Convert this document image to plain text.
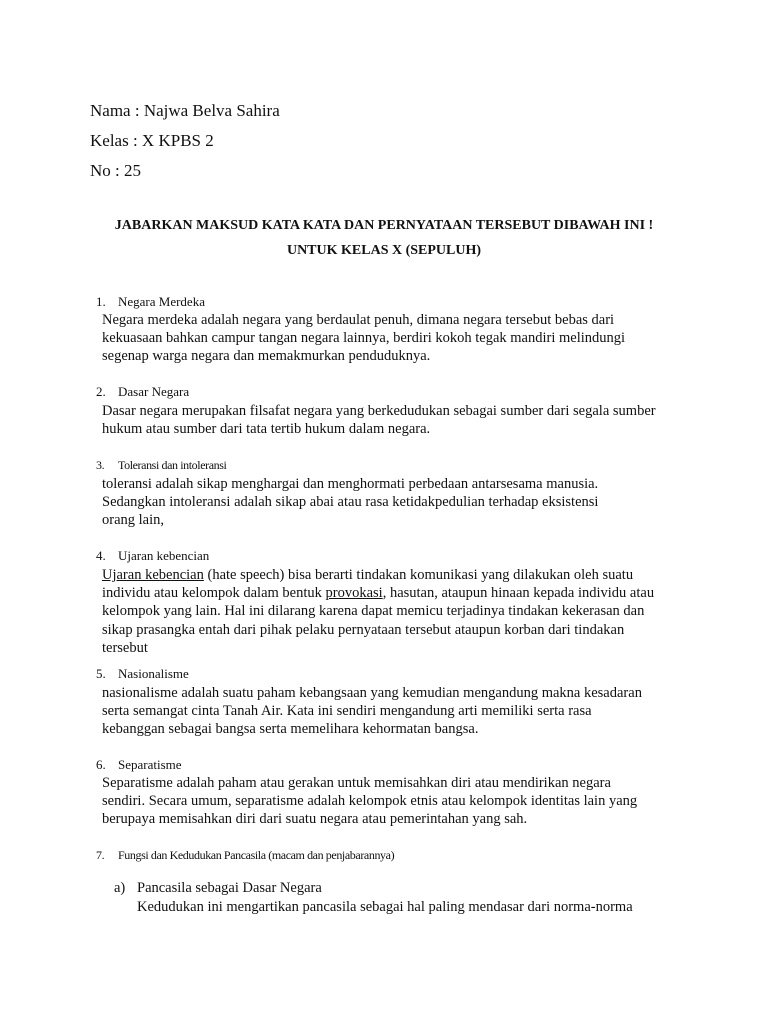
Nama : Najwa Belva Sahira
Kelas : X KPBS 2
No : 25
JABARKAN MAKSUD KATA KATA DAN PERNYATAAN TERSEBUT DIBAWAH INI !
UNTUK KELAS X (SEPULUH)
1. Negara Merdeka
Negara merdeka adalah negara yang berdaulat penuh, dimana negara tersebut bebas dari
kekuasaan bahkan campur tangan negara lainnya, berdiri kokoh tegak mandiri melindungi
segenap warga negara dan memakmurkan penduduknya.
2. Dasar Negara
Dasar negara merupakan filsafat negara yang berkedudukan sebagai sumber dari segala sumber
hukum atau sumber dari tata tertib hukum dalam negara.
3. Toleransi dan intoleransi
toleransi adalah sikap menghargai dan menghormati perbedaan antarsesama manusia.
Sedangkan intoleransi adalah sikap abai atau rasa ketidakpedulian terhadap eksistensi
orang lain,
4. Ujaran kebencian
Ujaran kebencian (hate speech) bisa berarti tindakan komunikasi yang dilakukan oleh suatu
individu atau kelompok dalam bentuk provokasi, hasutan, ataupun hinaan kepada individu atau
kelompok yang lain. Hal ini dilarang karena dapat memicu terjadinya tindakan kekerasan dan
sikap prasangka entah dari pihak pelaku pernyataan tersebut ataupun korban dari tindakan
tersebut
5. Nasionalisme
nasionalisme adalah suatu paham kebangsaan yang kemudian mengandung makna kesadaran
serta semangat cinta Tanah Air. Kata ini sendiri mengandung arti memiliki serta rasa
kebanggan sebagai bangsa serta memelihara kehormatan bangsa.
6. Separatisme
Separatisme adalah paham atau gerakan untuk memisahkan diri atau mendirikan negara
sendiri. Secara umum, separatisme adalah kelompok etnis atau kelompok identitas lain yang
berupaya memisahkan diri dari suatu negara atau pemerintahan yang sah.
7. Fungsi dan Kedudukan Pancasila (macam dan penjabarannya)
a) Pancasila sebagai Dasar Negara
Kedudukan ini mengartikan pancasila sebagai hal paling mendasar dari norma-norma
